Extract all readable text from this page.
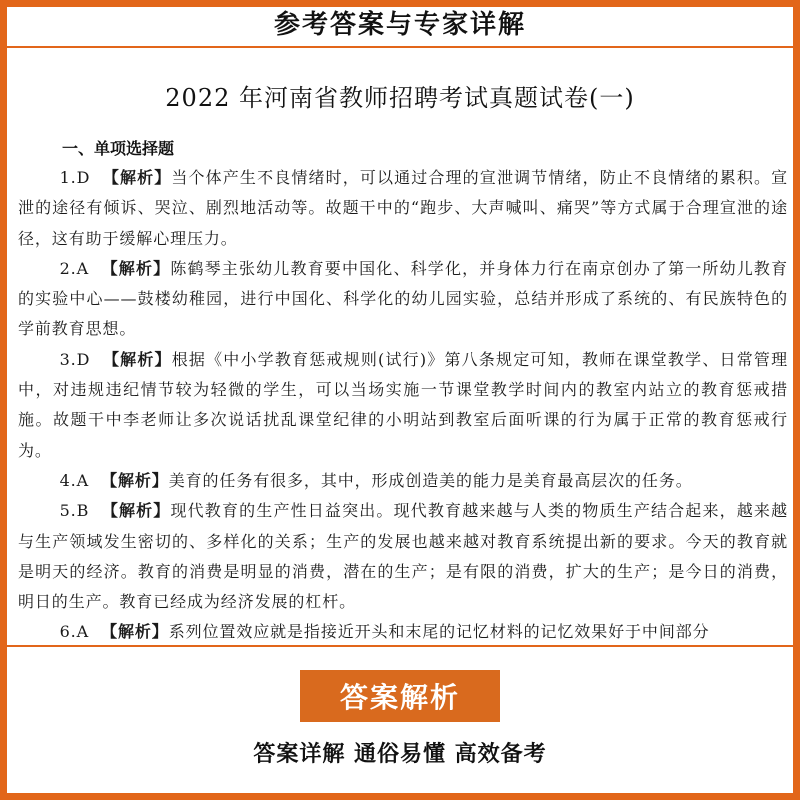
参考答案与专家详解
2022 年河南省教师招聘考试真题试卷(一)
一、单项选择题

1.D 【解析】当个体产生不良情绪时，可以通过合理的宣泄调节情绪，防止不良情绪的累积。宣泄的途径有倾诉、哭泣、剧烈地活动等。故题干中的“跑步、大声喊叫、痛哭”等方式属于合理宣泄的途径，这有助于缓解心理压力。

2.A 【解析】陈鹤琴主张幼儿教育要中国化、科学化，并身体力行在南京创办了第一所幼儿教育的实验中心——鼓楼幼稚园，进行中国化、科学化的幼儿园实验，总结并形成了系统的、有民族特色的学前教育思想。

3.D 【解析】根据《中小学教育惩戒规则(试行)》第八条规定可知，教师在课堂教学、日常管理中，对违规违纪情节较为轻微的学生，可以当场实施一节课堂教学时间内的教室内站立的教育惩戒措施。故题干中李老师让多次说话扰乱课堂纪律的小明站到教室后面听课的行为属于正常的教育惩戒行为。

4.A 【解析】美育的任务有很多，其中，形成创造美的能力是美育最高层次的任务。

5.B 【解析】现代教育的生产性日益突出。现代教育越来越与人类的物质生产结合起来，越来越与生产领域发生密切的、多样化的关系；生产的发展也越来越对教育系统提出新的要求。今天的教育就是明天的经济。教育的消费是明显的消费，潜在的生产；是有限的消费，扩大的生产；是今日的消费，明日的生产。教育已经成为经济发展的杠杆。

6.A 【解析】系列位置效应就是指接近开头和末尾的记忆材料的记忆效果好于中间部分

答案解析
答案详解 通俗易懂 高效备考
